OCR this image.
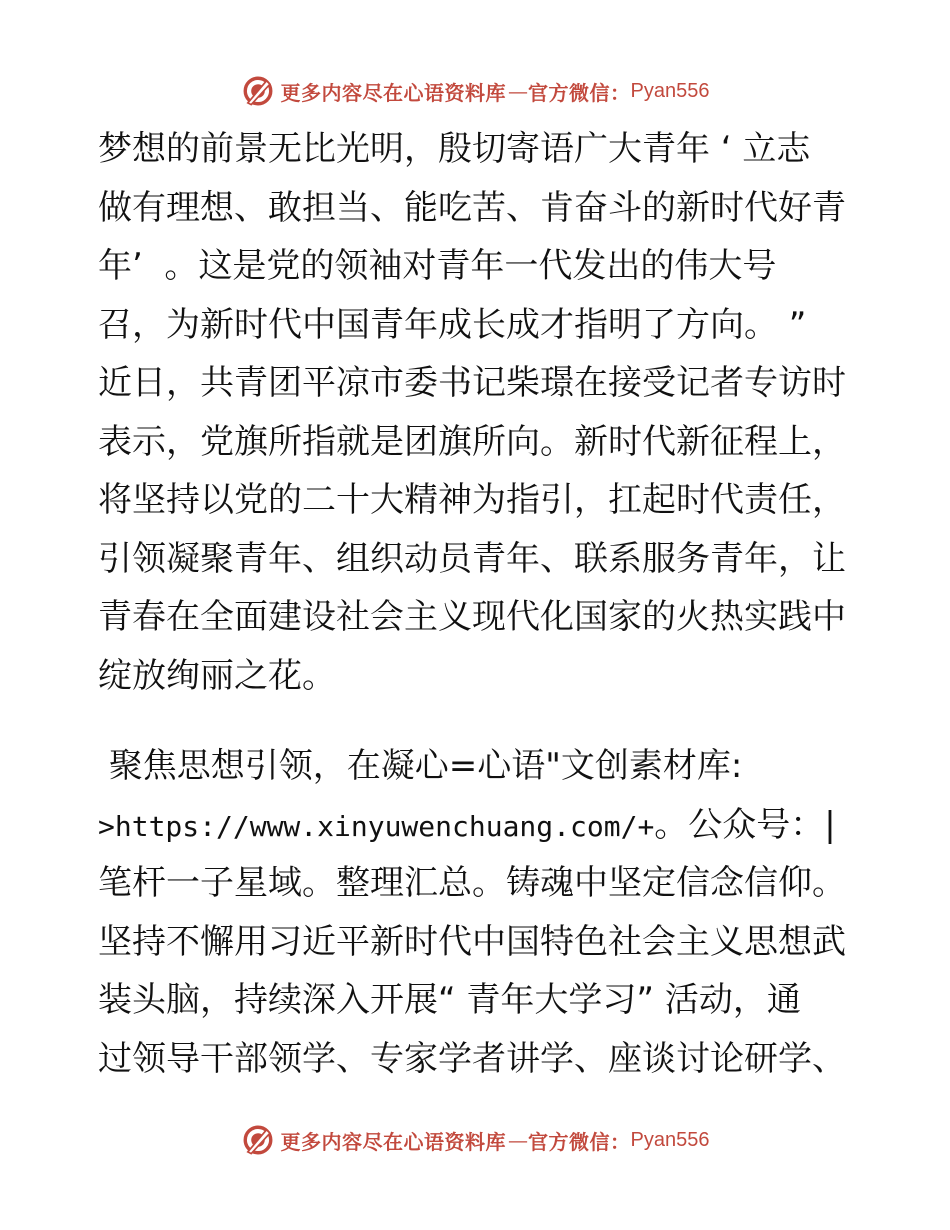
更多内容尽在心语资料库 — 官方微信： Pyan556
梦想的前景无比光明，殷切寄语广大青年 ‘ 立志
做有理想、敢担当、能吃苦、肯奋斗的新时代好青
年’  。这是党的领袖对青年一代发出的伟大号
召，为新时代中国青年成长成才指明了方向。 ”
近日，共青团平凉市委书记柴璟在接受记者专访时
表示，党旗所指就是团旗所向。新时代新征程上，
将坚持以党的二十大精神为指引，扛起时代责任，
引领凝聚青年、组织动员青年、联系服务青年，让
青春在全面建设社会主义现代化国家的火热实践中
绽放绚丽之花。
聚焦思想引领，在凝心=心语"文创素材库:
>https://www.xinyuwenchuang.com/+。公众号：|
笔杆一子星域。整理汇总。铸魂中坚定信念信仰。
坚持不懈用习近平新时代中国特色社会主义思想武
装头脑，持续深入开展“ 青年大学习” 活动，通
过领导干部领学、专家学者讲学、座谈讨论研学、
更多内容尽在心语资料库 — 官方微信： Pyan556
